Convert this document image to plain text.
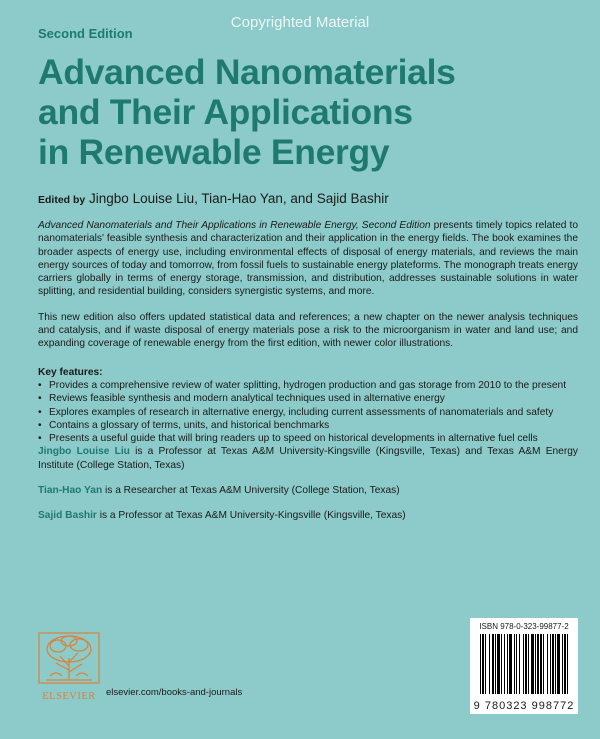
Copyrighted Material
Second Edition
Advanced Nanomaterials
and Their Applications
in Renewable Energy
Edited by Jingbo Louise Liu, Tian-Hao Yan, and Sajid Bashir

Advanced Nanomaterials and Their Applications in Renewable Energy, Second Edition presents timely topics related to nanomaterials' feasible synthesis and characterization and their application in the energy fields. The book examines the broader aspects of energy use, including environmental effects of disposal of energy materials, and reviews the main energy sources of today and tomorrow, from fossil fuels to sustainable energy plateforms. The monograph treats energy carriers globally in terms of energy storage, transmission, and distribution, addresses sustainable solutions in water splitting, and residential building, considers synergistic systems, and more.

This new edition also offers updated statistical data and references; a new chapter on the newer analysis techniques and catalysis, and if waste disposal of energy materials pose a risk to the microorganism in water and land use; and expanding coverage of renewable energy from the first edition, with newer color illustrations.

Key features:
• Provides a comprehensive review of water splitting, hydrogen production and gas storage from 2010 to the present
• Reviews feasible synthesis and modern analytical techniques used in alternative energy
• Explores examples of research in alternative energy, including current assessments of nanomaterials and safety
• Contains a glossary of terms, units, and historical benchmarks
• Presents a useful guide that will bring readers up to speed on historical developments in alternative fuel cells

Jingbo Louise Liu is a Professor at Texas A&M University-Kingsville (Kingsville, Texas) and Texas A&M Energy Institute (College Station, Texas)

Tian-Hao Yan is a Researcher at Texas A&M University (College Station, Texas)

Sajid Bashir is a Professor at Texas A&M University-Kingsville (Kingsville, Texas)

ELSEVIER	elsevier.com/books-and-journals
ISBN 978-0-323-99877-2
9 780323 998772
